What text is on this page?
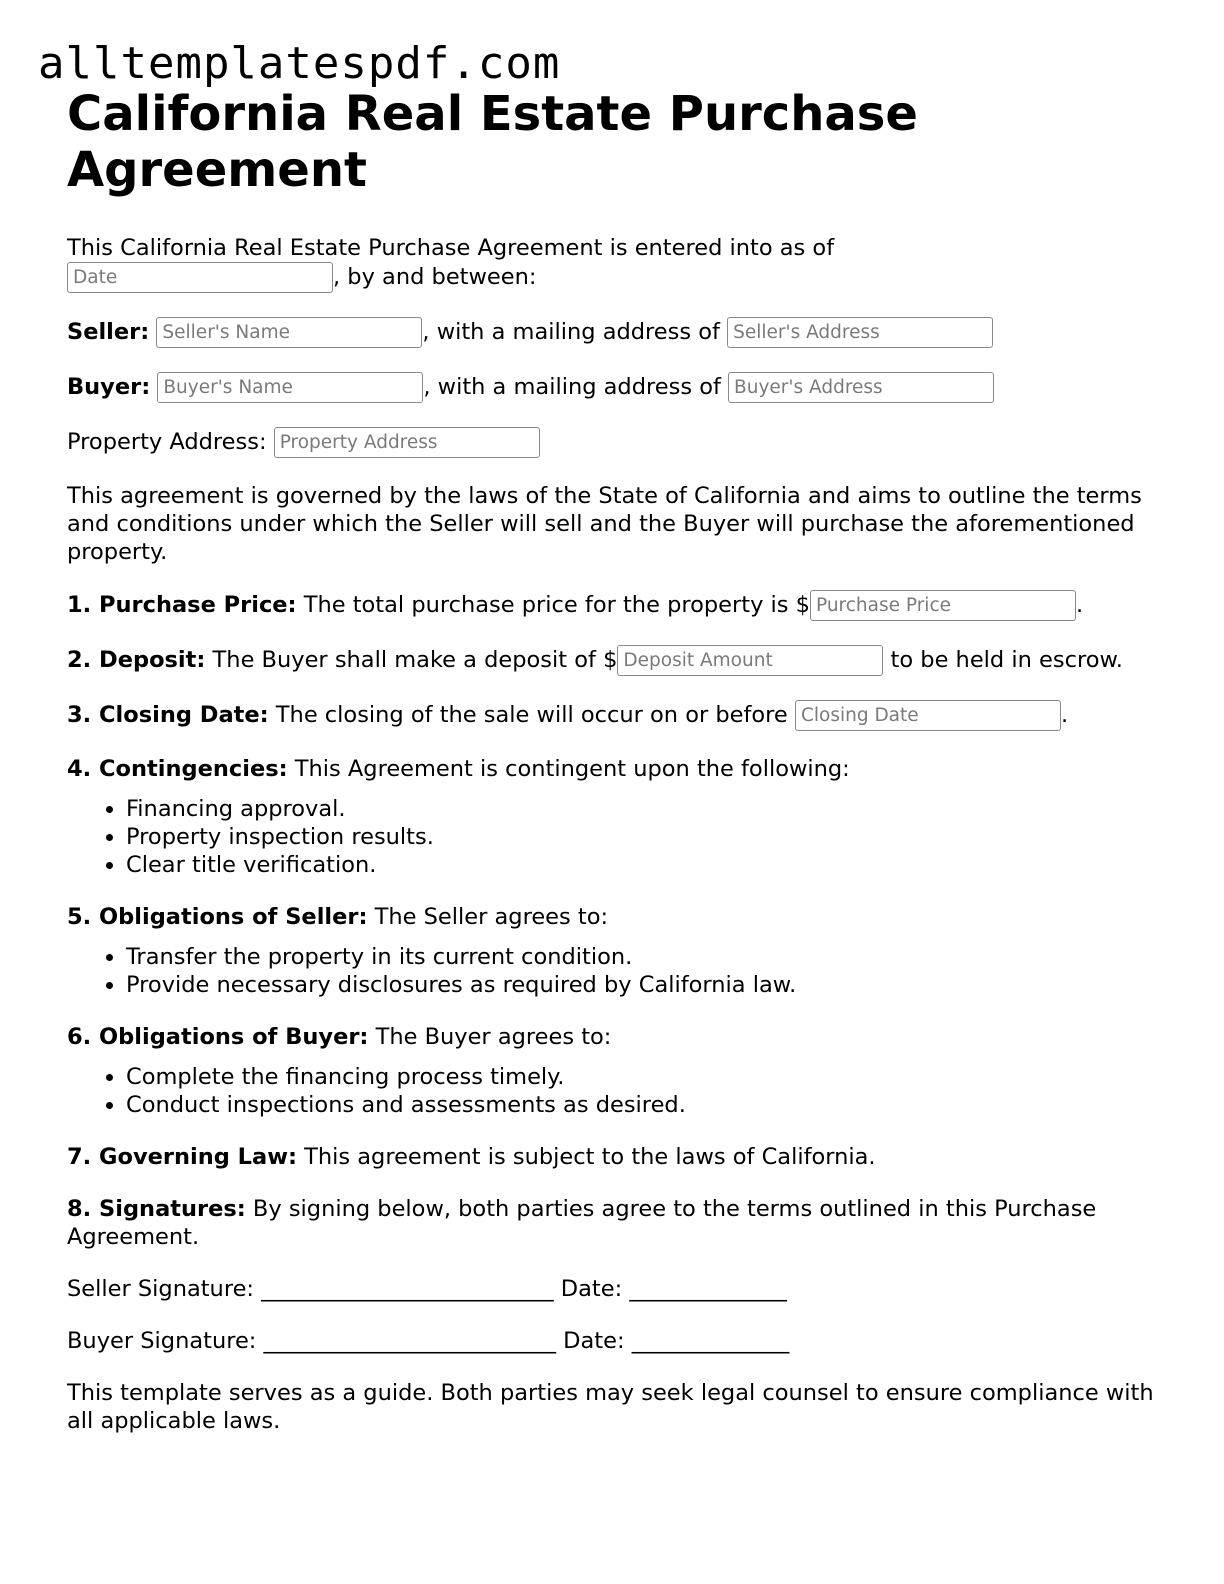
alltemplatespdf.com
California Real Estate Purchase Agreement

This California Real Estate Purchase Agreement is entered into as of
Date, by and between:

Seller: Seller's Name	, with a mailing address of Seller's Address

Buyer: Buyer's Name	, with a mailing address of Buyer's Address

Property Address: Property Address

This agreement is governed by the laws of the State of California and aims to outline the terms and conditions under which the Seller will sell and the Buyer will purchase the aforementioned property.

1. Purchase Price: The total purchase price for the property is $Purchase Price	.

2. Deposit: The Buyer shall make a deposit of $Deposit Amount	to be held in escrow.

3. Closing Date: The closing of the sale will occur on or before Closing Date	.

4. Contingencies: This Agreement is contingent upon the following:

• Financing approval.
• Property inspection results.
• Clear title verification.

5. Obligations of Seller: The Seller agrees to:

• Transfer the property in its current condition.
• Provide necessary disclosures as required by California law.

6. Obligations of Buyer: The Buyer agrees to:

• Complete the financing process timely.
• Conduct inspections and assessments as desired.

7. Governing Law: This agreement is subject to the laws of California.

8. Signatures: By signing below, both parties agree to the terms outlined in this Purchase Agreement.

Seller Signature: __________________________ Date: ______________

Buyer Signature: __________________________ Date: ______________

This template serves as a guide. Both parties may seek legal counsel to ensure compliance with all applicable laws.
